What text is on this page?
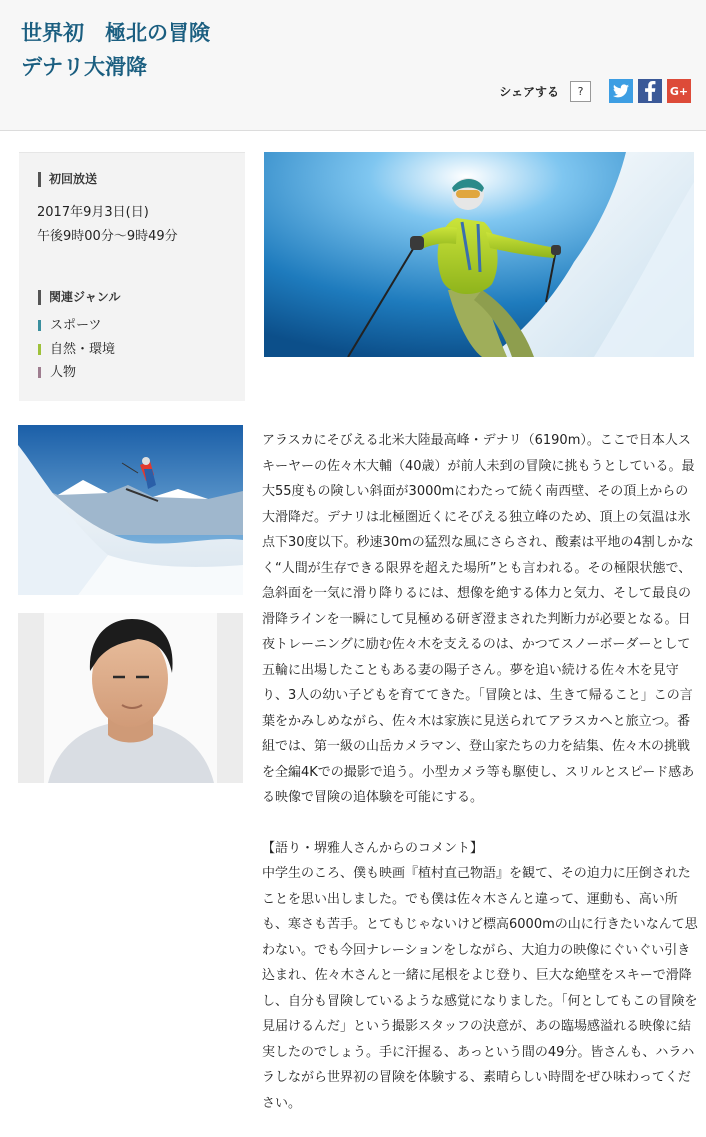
世界初　極北の冒険
デナリ大滑降
シェアする	?	G+
初回放送
2017年9月3日(日)
午後9時00分～9時49分
関連ジャンル
スポーツ
自然・環境
人物

アラスカにそびえる北米大陸最高峰・デナリ（6190m）。ここで日本人スキーヤーの佐々木大輔（40歳）が前人未到の冒険に挑もうとしている。最大55度もの険しい斜面が3000mにわたって続く南西壁、その頂上からの大滑降だ。デナリは北極圏近くにそびえる独立峰のため、頂上の気温は氷点下30度以下。秒速30mの猛烈な風にさらされ、酸素は平地の4割しかなく“人間が生存できる限界を超えた場所”とも言われる。その極限状態で、急斜面を一気に滑り降りるには、想像を絶する体力と気力、そして最良の滑降ラインを一瞬にして見極める研ぎ澄まされた判断力が必要となる。日夜トレーニングに励む佐々木を支えるのは、かつてスノーボーダーとして五輪に出場したこともある妻の陽子さん。夢を追い続ける佐々木を見守り、3人の幼い子どもを育ててきた。「冒険とは、生きて帰ること」この言葉をかみしめながら、佐々木は家族に見送られてアラスカへと旅立つ。番組では、第一級の山岳カメラマン、登山家たちの力を結集、佐々木の挑戦を全編4Kでの撮影で追う。小型カメラ等も駆使し、スリルとスピード感ある映像で冒険の追体験を可能にする。

【語り・堺雅人さんからのコメント】

中学生のころ、僕も映画『植村直己物語』を観て、その迫力に圧倒されたことを思い出しました。でも僕は佐々木さんと違って、運動も、高い所も、寒さも苦手。とてもじゃないけど標高6000mの山に行きたいなんて思わない。でも今回ナレーションをしながら、大迫力の映像にぐいぐい引き込まれ、佐々木さんと一緒に尾根をよじ登り、巨大な絶壁をスキーで滑降し、自分も冒険しているような感覚になりました。「何としてもこの冒険を見届けるんだ」という撮影スタッフの決意が、あの臨場感溢れる映像に結実したのでしょう。手に汗握る、あっという間の49分。皆さんも、ハラハラしながら世界初の冒険を体験する、素晴らしい時間をぜひ味わってください。
